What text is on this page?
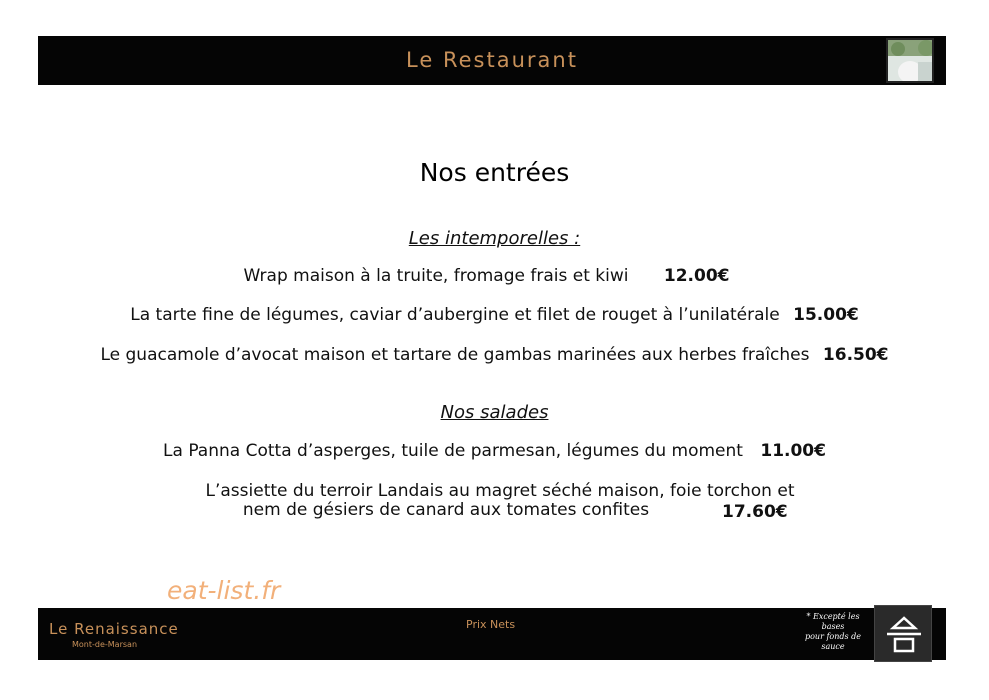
Le Restaurant
Nos entrées
Les intemporelles :
Wrap maison à la truite, fromage frais et kiwi 12.00€
La tarte fine de légumes, caviar d’aubergine et filet de rouget à l’unilatérale 15.00€
Le guacamole d’avocat maison et tartare de gambas marinées aux herbes fraîches 16.50€
Nos salades
La Panna Cotta d’asperges, tuile de parmesan, légumes du moment 11.00€
L’assiette du terroir Landais au magret séché maison, foie torchon et
nem de gésiers de canard aux tomates confites	17.60€
eat-list.fr
Le Renaissance
Mont-de-Marsan
Prix Nets
* Excepté les
bases
pour fonds de
sauce
